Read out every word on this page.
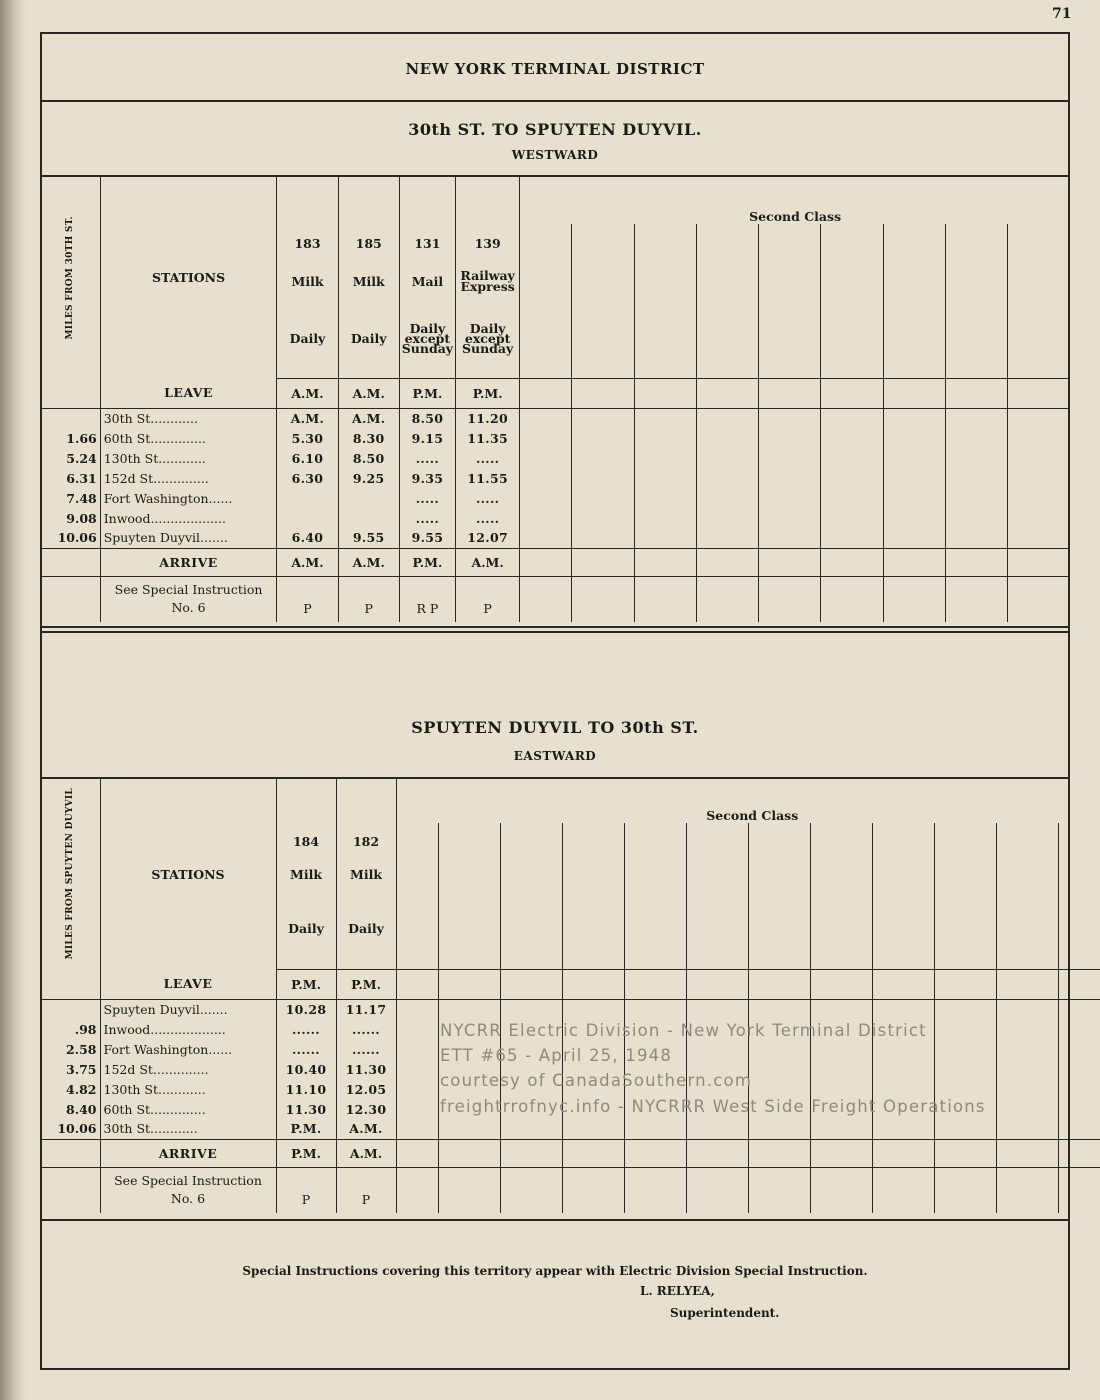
71
NEW YORK TERMINAL DISTRICT
30th ST. TO SPUYTEN DUYVIL.
WESTWARD
MILES FROM 30TH ST.	STATIONS					Second Class								
		183	185	131	139									
		Milk	Milk	Mail	Railway Express									
		Daily	Daily	Daily except Sunday	Daily except Sunday									
	LEAVE	A.M.	A.M.	P.M.	P.M.									
	30th St............	A.M.	A.M.	8.50	11.20									
1.66	60th St..............	5.30	8.30	9.15	11.35									
5.24	130th St............	6.10	8.50	.....	.....									
6.31	152d St..............	6.30	9.25	9.35	11.55									
7.48	Fort Washington......			.....	.....									
9.08	Inwood...................			.....	.....									
10.06	Spuyten Duyvil.......	6.40	9.55	9.55	12.07									
	ARRIVE	A.M.	A.M.	P.M.	A.M.									
	See Special Instruction
No. 6	P	P	R P	P									
SPUYTEN DUYVIL TO 30th ST.
EASTWARD
MILES FROM SPUYTEN DUYVIL	STATIONS			Second Class											
		184	182												
		Milk	Milk												
		Daily	Daily												
	LEAVE	P.M.	P.M.												
	Spuyten Duyvil.......	10.28	11.17												
.98	Inwood...................	......	......												
2.58	Fort Washington......	......	......												
3.75	152d St..............	10.40	11.30												
4.82	130th St............	11.10	12.05												
8.40	60th St..............	11.30	12.30												
10.06	30th St............	P.M.	A.M.												
	ARRIVE	P.M.	A.M.												
	See Special Instruction
No. 6	P	P												
NYCRR Electric Division - New York Terminal District
ETT #65 - April 25, 1948
courtesy of CanadaSouthern.com
freightrrofnyc.info - NYCRRR West Side Freight Operations
Special Instructions covering this territory appear with Electric Division Special Instruction.
L. RELYEA,
Superintendent.
